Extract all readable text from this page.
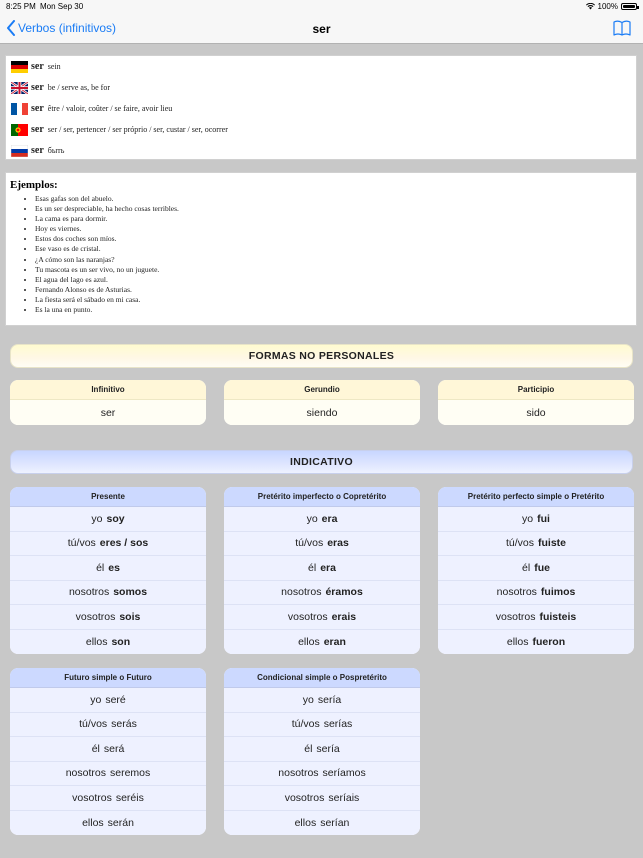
8:25 PM Mon Sep 30	100%
Verbos (infinitivos)	ser
ser sein
ser be / serve as, be for
ser être / valoir, coûter / se faire, avoir lieu
ser ser / ser, pertencer / ser próprio / ser, custar / ser, ocorrer
ser быть
Ejemplos:
• Esas gafas son del abuelo.
• Es un ser despreciable, ha hecho cosas terribles.
• La cama es para dormir.
• Hoy es viernes.
• Estos dos coches son míos.
• Ese vaso es de cristal.
• ¿A cómo son las naranjas?
• Tu mascota es un ser vivo, no un juguete.
• El agua del lago es azul.
• Fernando Alonso es de Asturias.
• La fiesta será el sábado en mi casa.
• Es la una en punto.
FORMAS NO PERSONALES
Infinitivo
ser
Gerundio
siendo
Participio
sido
INDICATIVO
Presente
yo soy
tú/vos eres / sos
él es
nosotros somos
vosotros sois
ellos son
Pretérito imperfecto o Copretérito
yo era
tú/vos eras
él era
nosotros éramos
vosotros erais
ellos eran
Pretérito perfecto simple o Pretérito
yo fui
tú/vos fuiste
él fue
nosotros fuimos
vosotros fuisteis
ellos fueron
Futuro simple o Futuro
yo seré
tú/vos serás
él será
nosotros seremos
vosotros seréis
ellos serán
Condicional simple o Pospretérito
yo sería
tú/vos serías
él sería
nosotros seríamos
vosotros seríais
ellos serían
